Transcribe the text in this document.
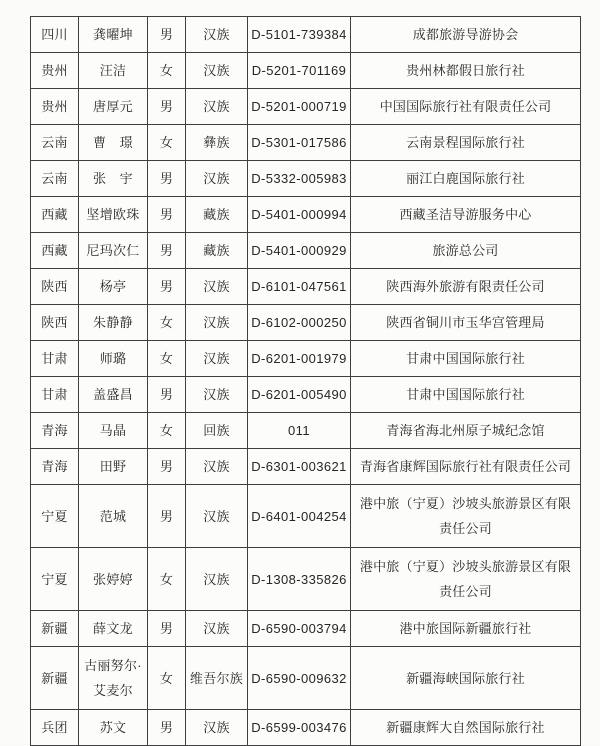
四川	龚曜坤	男	汉族	D-5101-739384	成都旅游导游协会
贵州	汪洁	女	汉族	D-5201-701169	贵州林都假日旅行社
贵州	唐厚元	男	汉族	D-5201-000719	中国国际旅行社有限责任公司
云南	曹　璟	女	彝族	D-5301-017586	云南景程国际旅行社
云南	张　宇	男	汉族	D-5332-005983	丽江白鹿国际旅行社
西藏	坚增欧珠	男	藏族	D-5401-000994	西藏圣洁导游服务中心
西藏	尼玛次仁	男	藏族	D-5401-000929	旅游总公司
陕西	杨亭	男	汉族	D-6101-047561	陕西海外旅游有限责任公司
陕西	朱静静	女	汉族	D-6102-000250	陕西省铜川市玉华宫管理局
甘肃	师璐	女	汉族	D-6201-001979	甘肃中国国际旅行社
甘肃	盖盛昌	男	汉族	D-6201-005490	甘肃中国国际旅行社
青海	马晶	女	回族	011	青海省海北州原子城纪念馆
青海	田野	男	汉族	D-6301-003621	青海省康辉国际旅行社有限责任公司
宁夏	范城	男	汉族	D-6401-004254	港中旅（宁夏）沙坡头旅游景区有限责任公司
宁夏	张婷婷	女	汉族	D-1308-335826	港中旅（宁夏）沙坡头旅游景区有限责任公司
新疆	薛文龙	男	汉族	D-6590-003794	港中旅国际新疆旅行社
新疆	古丽努尔·艾麦尔	女	维吾尔族	D-6590-009632	新疆海峡国际旅行社
兵团	苏文	男	汉族	D-6599-003476	新疆康辉大自然国际旅行社
